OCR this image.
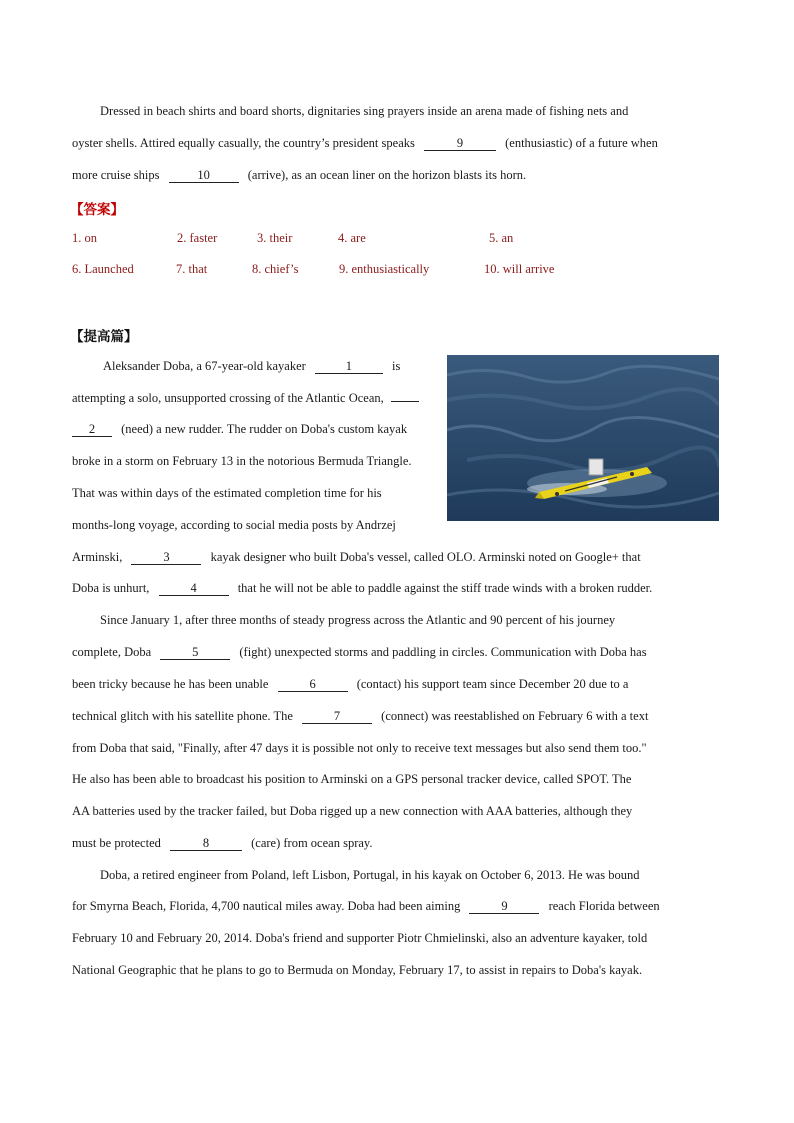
Dressed in beach shirts and board shorts, dignitaries sing prayers inside an arena made of fishing nets and
oyster shells. Attired equally casually, the country’s president speaks	9	(enthusiastic) of a future when
more cruise ships	10	(arrive), as an ocean liner on the horizon blasts its horn.
【答案】
1. on	2. faster	3. their	4. are	5. an
6. Launched	7. that	8. chief’s	9. enthusiastically	10. will arrive
【提高篇】
Aleksander Doba, a 67-year-old kayaker	1	is
attempting a solo, unsupported crossing of the Atlantic Ocean,
2 (need) a new rudder. The rudder on Doba's custom kayak
broke in a storm on February 13 in the notorious Bermuda Triangle.
That was within days of the estimated completion time for his
months-long voyage, according to social media posts by Andrzej
Arminski,	3	kayak designer who built Doba's vessel, called OLO. Arminski noted on Google+ that
Doba is unhurt,	4	that he will not be able to paddle against the stiff trade winds with a broken rudder.
Since January 1, after three months of steady progress across the Atlantic and 90 percent of his journey
complete, Doba	5	(fight) unexpected storms and paddling in circles. Communication with Doba has
been tricky because he has been unable	6	(contact) his support team since December 20 due to a
technical glitch with his satellite phone. The	7	(connect) was reestablished on February 6 with a text
from Doba that said, "Finally, after 47 days it is possible not only to receive text messages but also send them too."
He also has been able to broadcast his position to Arminski on a GPS personal tracker device, called SPOT. The
AA batteries used by the tracker failed, but Doba rigged up a new connection with AAA batteries, although they
must be protected	8	(care) from ocean spray.
Doba, a retired engineer from Poland, left Lisbon, Portugal, in his kayak on October 6, 2013. He was bound
for Smyrna Beach, Florida, 4,700 nautical miles away. Doba had been aiming	9	reach Florida between
February 10 and February 20, 2014. Doba's friend and supporter Piotr Chmielinski, also an adventure kayaker, told
National Geographic that he plans to go to Bermuda on Monday, February 17, to assist in repairs to Doba's kayak.
